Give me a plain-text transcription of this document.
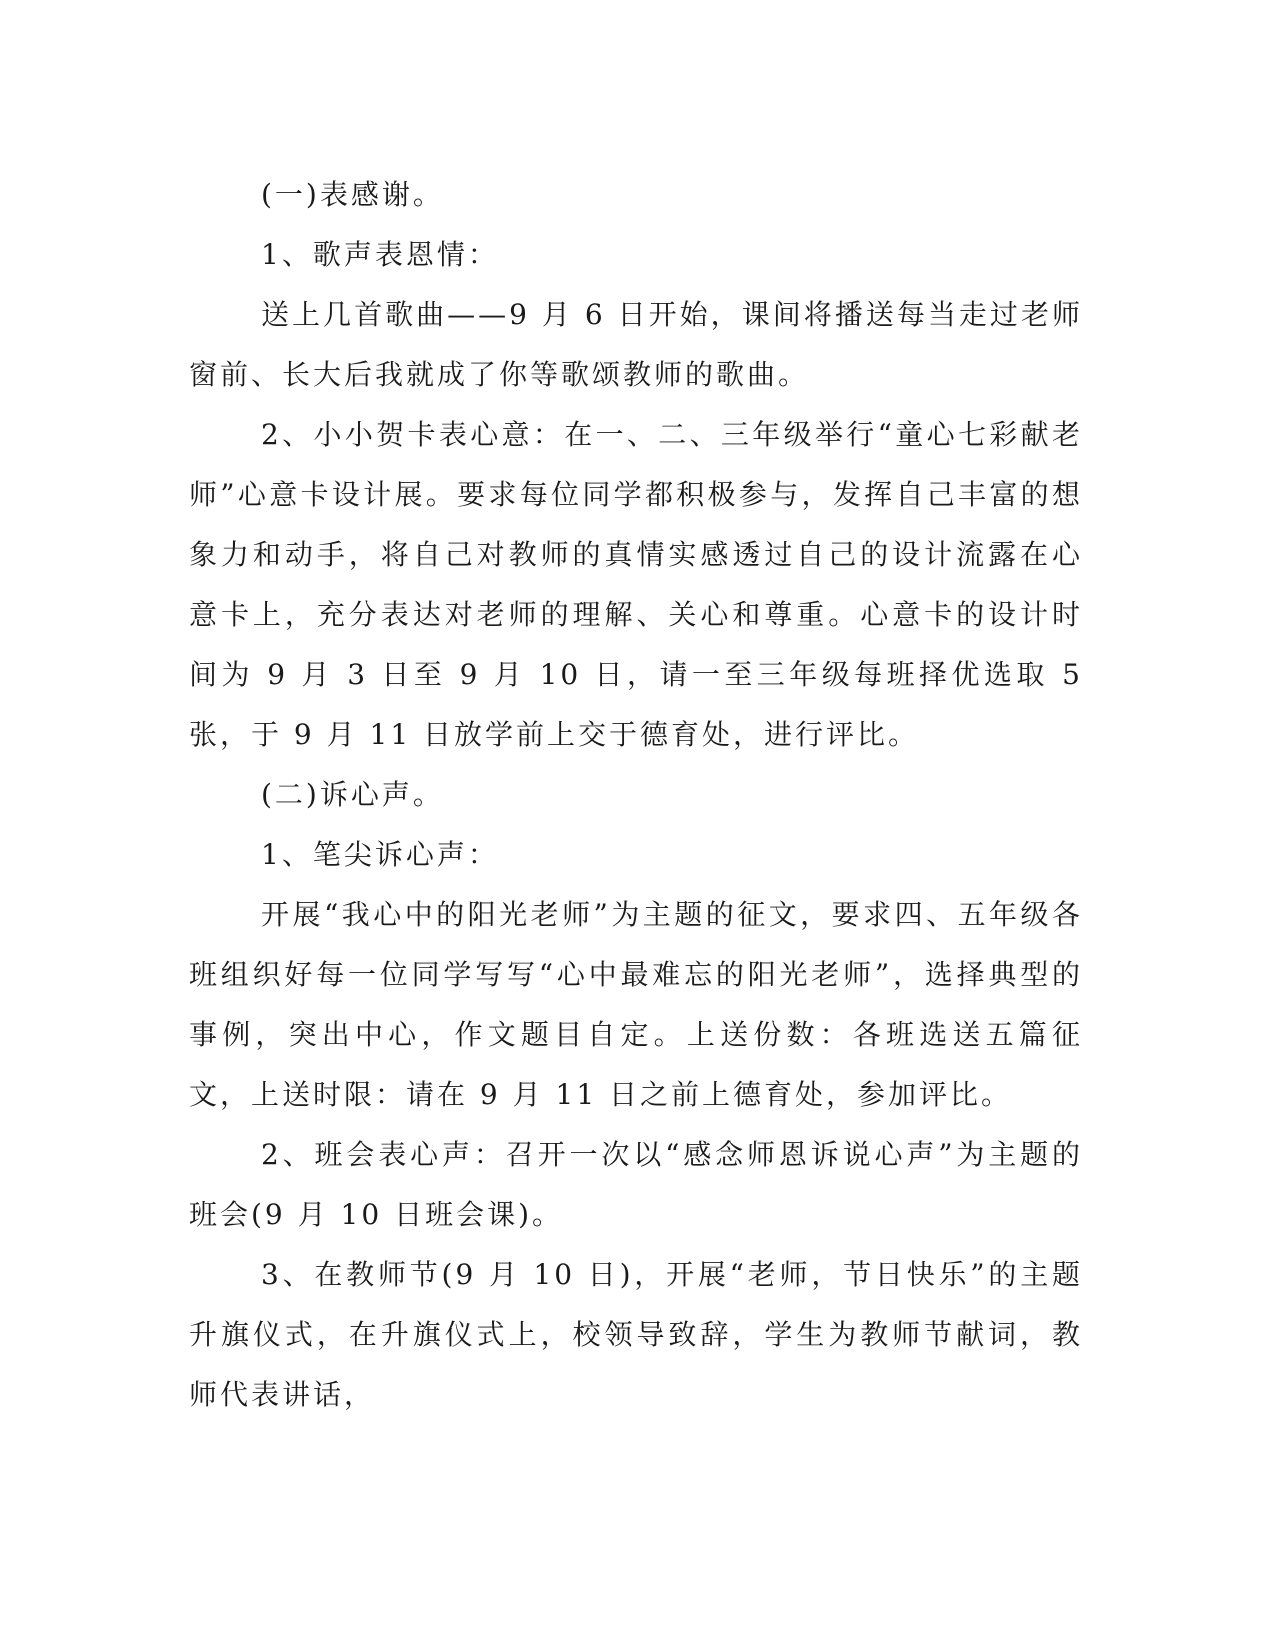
(一)表感谢。

1、歌声表恩情：

送上几首歌曲——9 月 6 日开始，课间将播送每当走过老师窗前、长大后我就成了你等歌颂教师的歌曲。

2、小小贺卡表心意：在一、二、三年级举行“童心七彩献老师”心意卡设计展。要求每位同学都积极参与，发挥自己丰富的想象力和动手，将自己对教师的真情实感透过自己的设计流露在心意卡上，充分表达对老师的理解、关心和尊重。心意卡的设计时间为 9 月 3 日至 9 月 10 日，请一至三年级每班择优选取 5 张，于 9 月 11 日放学前上交于德育处，进行评比。

(二)诉心声。

1、笔尖诉心声：

开展“我心中的阳光老师”为主题的征文，要求四、五年级各班组织好每一位同学写写“心中最难忘的阳光老师”，选择典型的事例，突出中心，作文题目自定。上送份数：各班选送五篇征文，上送时限：请在 9 月 11 日之前上德育处，参加评比。

2、班会表心声：召开一次以“感念师恩诉说心声”为主题的班会(9 月 10 日班会课)。

3、在教师节(9 月 10 日)，开展“老师，节日快乐”的主题升旗仪式，在升旗仪式上，校领导致辞，学生为教师节献词，教师代表讲话，
